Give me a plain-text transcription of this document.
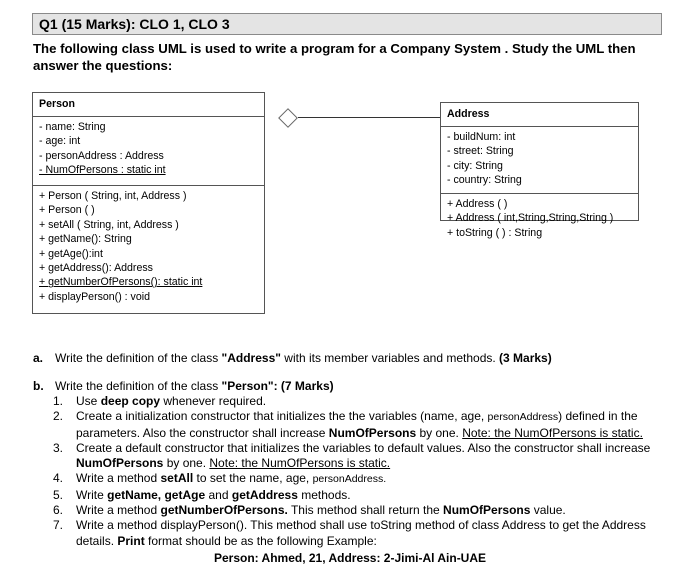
Q1 (15 Marks): CLO 1, CLO 3
The following class UML is used to write a program for a Company System . Study the UML then answer the questions:
Person
- name: String
- age: int
- personAddress : Address
- NumOfPersons : static int
+ Person ( String, int, Address )
+ Person ( )
+ setAll ( String, int, Address )
+ getName(): String
+ getAge():int
+ getAddress(): Address
+ getNumberOfPersons(): static int
+ displayPerson() : void
Address
- buildNum: int
- street: String
- city: String
- country: String
+ Address ( )
+ Address ( int,String,String,String )
+ toString ( ) : String
a. Write the definition of the class "Address" with its member variables and methods. (3 Marks)
b. Write the definition of the class "Person": (7 Marks)
1. Use deep copy whenever required.
2. Create a initialization constructor that initializes the the variables (name, age, personAddress) defined in the parameters. Also the constructor shall increase NumOfPersons by one. Note: the NumOfPersons is static.
3. Create a default constructor that initializes the variables to default values. Also the constructor shall increase NumOfPersons by one. Note: the NumOfPersons is static.
4. Write a method setAll to set the name, age, personAddress.
5. Write getName, getAge and getAddress methods.
6. Write a method getNumberOfPersons. This method shall return the NumOfPersons value.
7. Write a method displayPerson(). This method shall use toString method of class Address to get the Address details. Print format should be as the following Example:
Person: Ahmed, 21, Address: 2-Jimi-Al Ain-UAE
